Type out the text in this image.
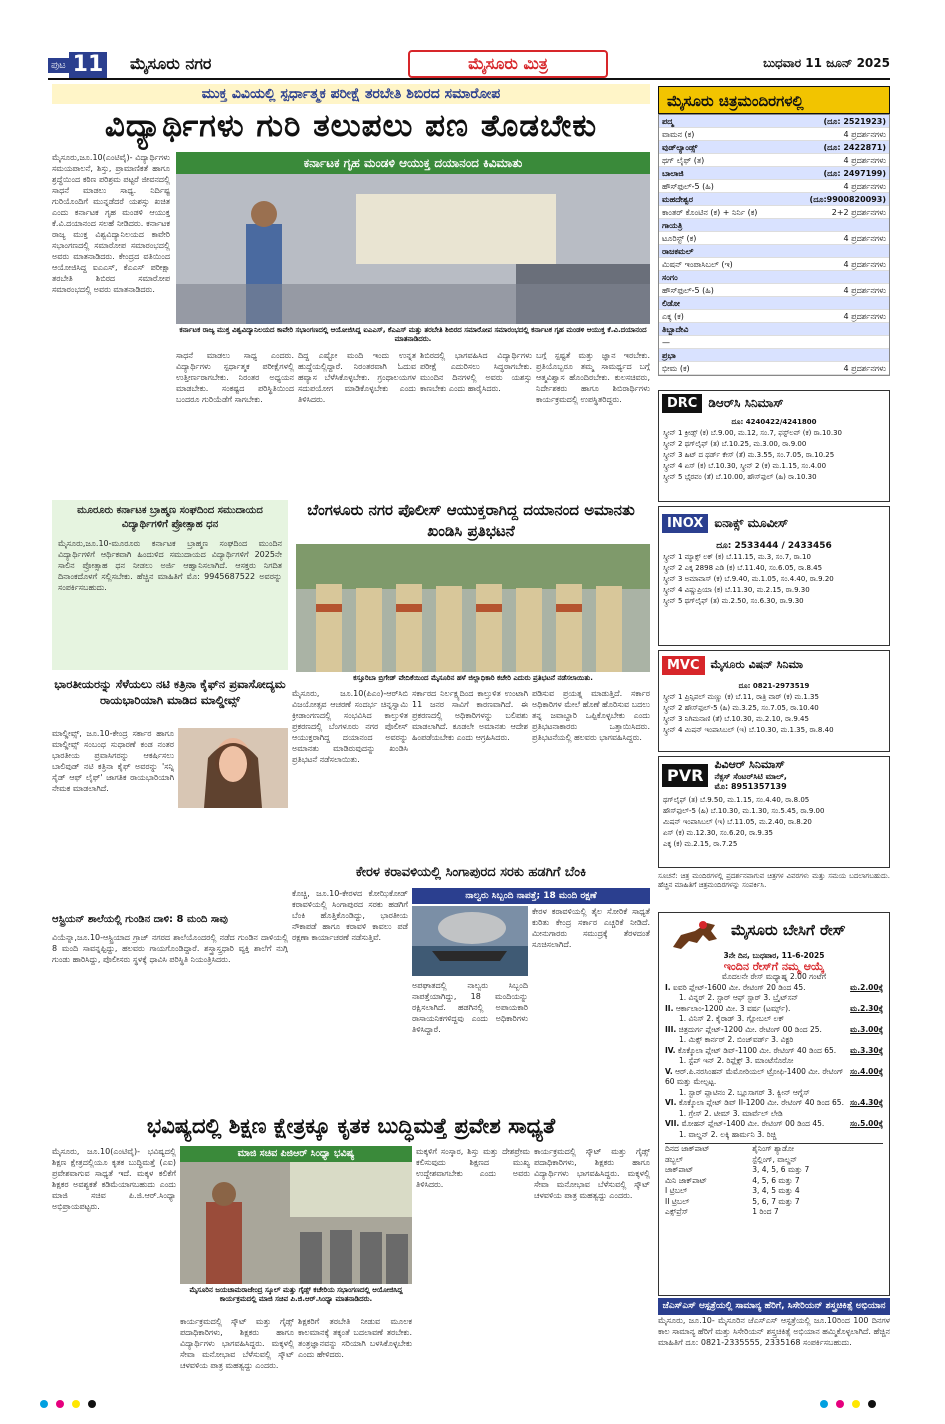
ಪುಟ 11 ಮೈಸೂರು ನಗರ	ಮೈಸೂರು ಮಿತ್ರ	ಬುಧವಾರ 11 ಜೂನ್ 2025
ಮುಕ್ತ ವಿವಿಯಲ್ಲಿ ಸ್ಪರ್ಧಾತ್ಮಕ ಪರೀಕ್ಷೆ ತರಬೇತಿ ಶಿಬಿರದ ಸಮಾರೋಪ
ವಿದ್ಯಾರ್ಥಿಗಳು ಗುರಿ ತಲುಪಲು ಪಣ ತೊಡಬೇಕು
ಮೈಸೂರು,ಜೂ.10(ಎಂಟಿವೈ)- ವಿದ್ಯಾರ್ಥಿಗಳು ಸಮಯಪಾಲನೆ, ಶಿಸ್ತು, ಪ್ರಾಮಾಣಿಕತೆ ಹಾಗೂ ಶ್ರದ್ಧೆಯಿಂದ ಕಠಿಣ ಪರಿಶ್ರಮ ಪಟ್ಟರೆ ಜೀವನದಲ್ಲಿ ಸಾಧನೆ ಮಾಡಲು ಸಾಧ್ಯ. ನಿರ್ದಿಷ್ಟ ಗುರಿಯೊಂದಿಗೆ ಮುನ್ನಡೆದರೆ ಯಶಸ್ಸು ಖಚಿತ ಎಂದು ಕರ್ನಾಟಕ ಗೃಹ ಮಂಡಳಿ ಆಯುಕ್ತ ಕೆ.ವಿ.ದಯಾನಂದ ಸಲಹೆ ನೀಡಿದರು. ಕರ್ನಾಟಕ ರಾಜ್ಯ ಮುಕ್ತ ವಿಶ್ವವಿದ್ಯಾನಿಲಯದ ಕಾವೇರಿ ಸಭಾಂಗಣದಲ್ಲಿ ಸಮಾರೋಪ ಸಮಾರಂಭದಲ್ಲಿ ಅವರು ಮಾತನಾಡಿದರು. ಕೇಂದ್ರದ ವತಿಯಿಂದ ಆಯೋಜಿಸಿದ್ದ ಐಎಎಸ್, ಕೆಎಎಸ್ ಪರೀಕ್ಷಾ ತರಬೇತಿ ಶಿಬಿರದ ಸಮಾರೋಪ ಸಮಾರಂಭದಲ್ಲಿ ಅವರು ಮಾತನಾಡಿದರು.
ಕರ್ನಾಟಕ ಗೃಹ ಮಂಡಳಿ ಆಯುಕ್ತ ದಯಾನಂದ ಕಿವಿಮಾತು
ಕರ್ನಾಟಕ ರಾಜ್ಯ ಮುಕ್ತ ವಿಶ್ವವಿದ್ಯಾನಿಲಯದ ಕಾವೇರಿ ಸಭಾಂಗಣದಲ್ಲಿ ಆಯೋಜಿಸಿದ್ದ ಐಎಎಸ್, ಕೆಎಎಸ್ ಮತ್ತು ತರಬೇತಿ ಶಿಬಿರದ ಸಮಾರೋಪ ಸಮಾರಂಭದಲ್ಲಿ ಕರ್ನಾಟಕ ಗೃಹ ಮಂಡಳಿ ಆಯುಕ್ತ ಕೆ.ವಿ.ದಯಾನಂದ ಮಾತನಾಡಿದರು.
ಸಾಧನೆ ಮಾಡಲು ಸಾಧ್ಯ ಎಂದರು. ವಿದ್ಯಾರ್ಥಿಗಳು ಸ್ಪರ್ಧಾತ್ಮಕ ಪರೀಕ್ಷೆಗಳಲ್ಲಿ ಉತ್ತೀರ್ಣರಾಗಬೇಕು. ನಿರಂತರ ಅಧ್ಯಯನ ಮಾಡಬೇಕು. ಸಂಕಷ್ಟದ ಪರಿಸ್ಥಿತಿಯಿಂದ ಬಂದರೂ ಗುರಿಯೆಡೆಗೆ ಸಾಗಬೇಕು.
ದಿದ್ದ ಎಷ್ಟೋ ಮಂದಿ ಇಂದು ಉನ್ನತ ಹುದ್ದೆಯಲ್ಲಿದ್ದಾರೆ. ನಿರಂತರವಾಗಿ ಓದುವ ಹವ್ಯಾಸ ಬೆಳೆಸಿಕೊಳ್ಳಬೇಕು. ಗ್ರಂಥಾಲಯಗಳ ಸದುಪಯೋಗ ಮಾಡಿಕೊಳ್ಳಬೇಕು ಎಂದು ತಿಳಿಸಿದರು.
ಶಿಬಿರದಲ್ಲಿ ಭಾಗವಹಿಸಿದ ವಿದ್ಯಾರ್ಥಿಗಳು ಪರೀಕ್ಷೆ ಎದುರಿಸಲು ಸಿದ್ಧರಾಗಬೇಕು. ಮುಂದಿನ ದಿನಗಳಲ್ಲಿ ಅವರು ಯಶಸ್ಸು ಕಾಣಬೇಕು ಎಂದು ಹಾರೈಸಿದರು.
ಬಗ್ಗೆ ಸ್ಪಷ್ಟತೆ ಮತ್ತು ಜ್ಞಾನ ಇರಬೇಕು. ಪ್ರತಿಯೊಬ್ಬರೂ ತಮ್ಮ ಸಾಮರ್ಥ್ಯದ ಬಗ್ಗೆ ಆತ್ಮವಿಶ್ವಾಸ ಹೊಂದಿರಬೇಕು. ಕುಲಸಚಿವರು, ನಿರ್ದೇಶಕರು ಹಾಗೂ ಶಿಬಿರಾರ್ಥಿಗಳು ಕಾರ್ಯಕ್ರಮದಲ್ಲಿ ಉಪಸ್ಥಿತರಿದ್ದರು.
ಮೂರೂರು ಕರ್ನಾಟಕ ಬ್ರಾಹ್ಮಣ ಸಂಘದಿಂದ ಸಮುದಾಯದ ವಿದ್ಯಾರ್ಥಿಗಳಿಗೆ ಪ್ರೋತ್ಸಾಹ ಧನ
ಮೈಸೂರು,ಜೂ.10-ಮೂರೂರು ಕರ್ನಾಟಕ ಬ್ರಾಹ್ಮಣ ಸಂಘದಿಂದ ಮುಂದಿನ ವಿದ್ಯಾರ್ಥಿಗಳಿಗೆ ಆರ್ಥಿಕವಾಗಿ ಹಿಂದುಳಿದ ಸಮುದಾಯದ ವಿದ್ಯಾರ್ಥಿಗಳಿಗೆ 2025ನೇ ಸಾಲಿನ ಪ್ರೋತ್ಸಾಹ ಧನ ನೀಡಲು ಅರ್ಜಿ ಆಹ್ವಾನಿಸಲಾಗಿದೆ. ಆಸಕ್ತರು ನಿಗದಿತ ದಿನಾಂಕದೊಳಗೆ ಸಲ್ಲಿಸಬೇಕು. ಹೆಚ್ಚಿನ ಮಾಹಿತಿಗೆ ಮೊ: 9945687522 ಅವರನ್ನು ಸಂಪರ್ಕಿಸಬಹುದು.
ಭಾರತೀಯರನ್ನು ಸೆಳೆಯಲು ನಟಿ ಕತ್ರಿನಾ ಕೈಫ್‌ನ ಪ್ರವಾಸೋದ್ಯಮ ರಾಯಭಾರಿಯಾಗಿ ಮಾಡಿದ ಮಾಲ್ಡೀವ್ಸ್
ಮಾಲ್ಡೀವ್ಸ್, ಜೂ.10-ಕೇಂದ್ರ ಸರ್ಕಾರ ಹಾಗೂ ಮಾಲ್ಡೀವ್ಸ್ ಸಂಬಂಧ ಸುಧಾರಣೆ ಕಂಡ ನಂತರ ಭಾರತೀಯ ಪ್ರವಾಸಿಗರನ್ನು ಆಕರ್ಷಿಸಲು ಬಾಲಿವುಡ್ ನಟಿ ಕತ್ರಿನಾ ಕೈಫ್ ಅವರನ್ನು 'ಸನ್ನಿ ಸೈಡ್ ಆಫ್ ಲೈಫ್' ಜಾಗತಿಕ ರಾಯಭಾರಿಯಾಗಿ ನೇಮಕ ಮಾಡಲಾಗಿದೆ.
ಆಸ್ಟ್ರಿಯನ್ ಶಾಲೆಯಲ್ಲಿ ಗುಂಡಿನ ದಾಳಿ: 8 ಮಂದಿ ಸಾವು
ವಿಯೆನ್ನಾ,ಜೂ.10-ಆಸ್ಟ್ರಿಯಾದ ಗ್ರಾಜ್ ನಗರದ ಶಾಲೆಯೊಂದರಲ್ಲಿ ನಡೆದ ಗುಂಡಿನ ದಾಳಿಯಲ್ಲಿ 8 ಮಂದಿ ಸಾವನ್ನಪ್ಪಿದ್ದು, ಹಲವರು ಗಾಯಗೊಂಡಿದ್ದಾರೆ. ಶಸ್ತ್ರಾಸ್ತ್ರಧಾರಿ ವ್ಯಕ್ತಿ ಶಾಲೆಗೆ ನುಗ್ಗಿ ಗುಂಡು ಹಾರಿಸಿದ್ದು, ಪೊಲೀಸರು ಸ್ಥಳಕ್ಕೆ ಧಾವಿಸಿ ಪರಿಸ್ಥಿತಿ ನಿಯಂತ್ರಿಸಿದರು.
ಬೆಂಗಳೂರು ನಗರ ಪೊಲೀಸ್ ಆಯುಕ್ತರಾಗಿದ್ದ ದಯಾನಂದ ಅಮಾನತು ಖಂಡಿಸಿ ಪ್ರತಿಭಟನೆ
ಕಸ್ತೂರಿಬಾ ಬ್ರಿಗೇಡ್ ವೇದಿಕೆಯಿಂದ ಮೈಸೂರಿನ ಹಳೆ ಜಿಲ್ಲಾಧಿಕಾರಿ ಕಚೇರಿ ಎದುರು ಪ್ರತಿಭಟನೆ ನಡೆಸಲಾಯಿತು.
ಮೈಸೂರು, ಜೂ.10(ಪಿಎಂ)-ಆರ್‌ಸಿಬಿ ವಿಜಯೋತ್ಸವ ಆಚರಣೆ ಸಂದರ್ಭ ಚಿನ್ನಸ್ವಾಮಿ ಕ್ರೀಡಾಂಗಣದಲ್ಲಿ ಸಂಭವಿಸಿದ ಕಾಲ್ತುಳಿತ ಪ್ರಕರಣದಲ್ಲಿ ಬೆಂಗಳೂರು ನಗರ ಪೊಲೀಸ್ ಆಯುಕ್ತರಾಗಿದ್ದ ದಯಾನಂದ ಅವರನ್ನು ಅಮಾನತು ಮಾಡಿರುವುದನ್ನು ಖಂಡಿಸಿ ಪ್ರತಿಭಟನೆ ನಡೆಸಲಾಯಿತು.
ಸರ್ಕಾರದ ನಿರ್ಲಕ್ಷ್ಯದಿಂದ ಕಾಲ್ತುಳಿತ ಉಂಟಾಗಿ 11 ಜನರ ಸಾವಿಗೆ ಕಾರಣವಾಗಿದೆ. ಈ ಪ್ರಕರಣದಲ್ಲಿ ಅಧಿಕಾರಿಗಳನ್ನು ಬಲಿಪಶು ಮಾಡಲಾಗಿದೆ. ಕೂಡಲೇ ಅಮಾನತು ಆದೇಶ ಹಿಂಪಡೆಯಬೇಕು ಎಂದು ಆಗ್ರಹಿಸಿದರು.
ಪಡಿಸುವ ಪ್ರಯತ್ನ ಮಾಡುತ್ತಿದೆ. ಸರ್ಕಾರ ಅಧಿಕಾರಿಗಳ ಮೇಲೆ ಹೊಣೆ ಹೊರಿಸುವ ಬದಲು ತನ್ನ ಜವಾಬ್ದಾರಿ ಒಪ್ಪಿಕೊಳ್ಳಬೇಕು ಎಂದು ಪ್ರತಿಭಟನಾಕಾರರು ಒತ್ತಾಯಿಸಿದರು. ಪ್ರತಿಭಟನೆಯಲ್ಲಿ ಹಲವರು ಭಾಗವಹಿಸಿದ್ದರು.
ಕೇರಳ ಕರಾವಳಿಯಲ್ಲಿ ಸಿಂಗಾಪುರದ ಸರಕು ಹಡಗಿಗೆ ಬೆಂಕಿ
ಕೊಚ್ಚಿ, ಜೂ.10-ಕೇರಳದ ಕೋಝಿಕೋಡ್ ಕರಾವಳಿಯಲ್ಲಿ ಸಿಂಗಾಪುರದ ಸರಕು ಹಡಗಿಗೆ ಬೆಂಕಿ ಹೊತ್ತಿಕೊಂಡಿದ್ದು, ಭಾರತೀಯ ನೌಕಾಪಡೆ ಹಾಗೂ ಕರಾವಳಿ ಕಾವಲು ಪಡೆ ರಕ್ಷಣಾ ಕಾರ್ಯಾಚರಣೆ ನಡೆಸುತ್ತಿವೆ.
ನಾಲ್ವರು ಸಿಬ್ಬಂದಿ ನಾಪತ್ತೆ; 18 ಮಂದಿ ರಕ್ಷಣೆ
ಅಪಘಾತದಲ್ಲಿ ನಾಲ್ವರು ಸಿಬ್ಬಂದಿ ನಾಪತ್ತೆಯಾಗಿದ್ದು, 18 ಮಂದಿಯನ್ನು ರಕ್ಷಿಸಲಾಗಿದೆ. ಹಡಗಿನಲ್ಲಿ ಅಪಾಯಕಾರಿ ರಾಸಾಯನಿಕಗಳಿದ್ದವು ಎಂದು ಅಧಿಕಾರಿಗಳು ತಿಳಿಸಿದ್ದಾರೆ.
ಕೇರಳ ಕರಾವಳಿಯಲ್ಲಿ ತೈಲ ಸೋರಿಕೆ ಸಾಧ್ಯತೆ ಕುರಿತು ಕೇಂದ್ರ ಸರ್ಕಾರ ಎಚ್ಚರಿಕೆ ನೀಡಿದೆ. ಮೀನುಗಾರರು ಸಮುದ್ರಕ್ಕೆ ತೆರಳದಂತೆ ಸೂಚಿಸಲಾಗಿದೆ.
ಭವಿಷ್ಯದಲ್ಲಿ ಶಿಕ್ಷಣ ಕ್ಷೇತ್ರಕ್ಕೂ ಕೃತಕ ಬುದ್ಧಿಮತ್ತೆ ಪ್ರವೇಶ ಸಾಧ್ಯತೆ
ಮೈಸೂರು, ಜೂ.10(ಎಂಟಿವೈ)- ಭವಿಷ್ಯದಲ್ಲಿ ಶಿಕ್ಷಣ ಕ್ಷೇತ್ರದಲ್ಲಿಯೂ ಕೃತಕ ಬುದ್ಧಿಮತ್ತೆ (ಎಐ) ಪ್ರವೇಶವಾಗುವ ಸಾಧ್ಯತೆ ಇದೆ. ಮಕ್ಕಳ ಕಲಿಕೆಗೆ ಶಿಕ್ಷಕರ ಅವಶ್ಯಕತೆ ಕಡಿಮೆಯಾಗಬಹುದು ಎಂದು ಮಾಜಿ ಸಚಿವ ಪಿ.ಜಿ.ಆರ್.ಸಿಂಧ್ಯಾ ಅಭಿಪ್ರಾಯಪಟ್ಟರು.
ಮಾಜಿ ಸಚಿವ ಪಿಜಿಆರ್ ಸಿಂಧ್ಯಾ ಭವಿಷ್ಯ
ಮೈಸೂರಿನ ಜಯಚಾಮರಾಜೇಂದ್ರ ಸ್ಕೂಲ್ ಮತ್ತು ಗೈಡ್ಸ್ ಕಚೇರಿಯ ಸಭಾಂಗಣದಲ್ಲಿ ಆಯೋಜಿಸಿದ್ದ ಕಾರ್ಯಕ್ರಮದಲ್ಲಿ ಮಾಜಿ ಸಚಿವ ಪಿ.ಜಿ.ಆರ್.ಸಿಂಧ್ಯಾ ಮಾತನಾಡಿದರು.
ಕಾರ್ಯಕ್ರಮದಲ್ಲಿ ಸ್ಕೌಟ್ ಮತ್ತು ಗೈಡ್ಸ್ ಪದಾಧಿಕಾರಿಗಳು, ಶಿಕ್ಷಕರು ಹಾಗೂ ವಿದ್ಯಾರ್ಥಿಗಳು ಭಾಗವಹಿಸಿದ್ದರು. ಮಕ್ಕಳಲ್ಲಿ ಸೇವಾ ಮನೋಭಾವ ಬೆಳೆಸುವಲ್ಲಿ ಸ್ಕೌಟ್ ಚಳವಳಿಯ ಪಾತ್ರ ಮಹತ್ವದ್ದು ಎಂದರು.
ಶಿಕ್ಷಕರಿಗೆ ತರಬೇತಿ ನೀಡುವ ಮೂಲಕ ಕಾಲಮಾನಕ್ಕೆ ತಕ್ಕಂತೆ ಬದಲಾವಣೆ ತರಬೇಕು. ತಂತ್ರಜ್ಞಾನವನ್ನು ಸರಿಯಾಗಿ ಬಳಸಿಕೊಳ್ಳಬೇಕು ಎಂದು ಹೇಳಿದರು.
ಮಕ್ಕಳಿಗೆ ಸಂಸ್ಕಾರ, ಶಿಸ್ತು ಮತ್ತು ದೇಶಪ್ರೇಮ ಕಲಿಸುವುದು ಶಿಕ್ಷಣದ ಮುಖ್ಯ ಉದ್ದೇಶವಾಗಬೇಕು ಎಂದು ಅವರು ತಿಳಿಸಿದರು.
ಕಾರ್ಯಕ್ರಮದಲ್ಲಿ ಸ್ಕೌಟ್ ಮತ್ತು ಗೈಡ್ಸ್ ಪದಾಧಿಕಾರಿಗಳು, ಶಿಕ್ಷಕರು ಹಾಗೂ ವಿದ್ಯಾರ್ಥಿಗಳು ಭಾಗವಹಿಸಿದ್ದರು. ಮಕ್ಕಳಲ್ಲಿ ಸೇವಾ ಮನೋಭಾವ ಬೆಳೆಸುವಲ್ಲಿ ಸ್ಕೌಟ್ ಚಳವಳಿಯ ಪಾತ್ರ ಮಹತ್ವದ್ದು ಎಂದರು.
ಮೈಸೂರು ಚಿತ್ರಮಂದಿರಗಳಲ್ಲಿ
ಪದ್ಮ	(ದೂ: 2521923)
ವಾಮನ (ಕ)	4 ಪ್ರದರ್ಶನಗಳು
ವುಡ್‌ಲ್ಯಾಂಡ್ಸ್	(ದೂ: 2422871)
ಥಗ್ ಲೈಫ್ (ತ)	4 ಪ್ರದರ್ಶನಗಳು
ಬಾಲಾಜಿ	(ದೂ: 2497199)
ಹೌಸ್‌ಫುಲ್-5 (ಹಿ)	4 ಪ್ರದರ್ಶನಗಳು
ಮಹದೇಶ್ವರ	(ದೂ:9900820093)
ಕಾಂತರ್ ಕೊಂಟಿನ (ಕ) + ನಿರ್ನಿ (ಕ)	2+2 ಪ್ರದರ್ಶನಗಳು
ಗಾಯತ್ರಿ
ಟೂರಿಸ್ಟ್ (ಕ)	4 ಪ್ರದರ್ಶನಗಳು
ರಾಜಕಮಲ್
ಮಿಷನ್ ಇಂಪಾಸಿಬಲ್ (ಇ)	4 ಪ್ರದರ್ಶನಗಳು
ಸಂಗಂ
ಹೌಸ್‌ಫುಲ್-5 (ಹಿ)	4 ಪ್ರದರ್ಶನಗಳು
ಲಿಡೋ
ಎಕ್ಕ (ಕ)	4 ಪ್ರದರ್ಶನಗಳು
ತಿಬ್ಬಾದೇವಿ
—
ಪ್ರಭಾ
ಭೀಮ (ಕ)	4 ಪ್ರದರ್ಶನಗಳು
DRC ಡಿಆರ್‌ಸಿ ಸಿನಿಮಾಸ್
ದೂ: 4240422/4241800
ಸ್ಕ್ರೀನ್ 1 ಕ್ರೀಡ್ಸ್ (ಕ) ಬೆ.9.00, ಮ.12, ಸಂ.7, ಫಸ್ಟ್‌ಲವ್ (ಕ) ರಾ.10.30
ಸ್ಕ್ರೀನ್ 2 ಥಗ್‌ಲೈಫ್ (ತ) ಬೆ.10.25, ಮ.3.00, ರಾ.9.00
ಸ್ಕ್ರೀನ್ 3 ಹಿಟ್ ದ ಥರ್ಡ್ ಕೇಸ್ (ತೆ) ಮ.3.55, ಸಂ.7.05, ರಾ.10.25
ಸ್ಕ್ರೀನ್ 4 ಏಸ್ (ಕ) ಬೆ.10.30, ಸ್ಕ್ರೀನ್ 2 (ಕ) ಮ.1.15, ಸಂ.4.00
ಸ್ಕ್ರೀನ್ 5 ಭೈರವಂ (ತೆ) ಬೆ.10.00, ಹೌಸ್‌ಫುಲ್ (ಹಿ) ರಾ.10.30
INOX ಐನಾಕ್ಸ್ ಮೂವೀಸ್
ದೂ: 2533444 / 2433456
ಸ್ಕ್ರೀನ್ 1 ಮ್ಯಾಕ್ಸ್ ಲಕ್ (ಕ) ಬೆ.11.15, ಮ.3, ಸಂ.7, ರಾ.10
ಸ್ಕ್ರೀನ್ 2 ಎಕ್ಕ 2898 ಎಡಿ (ಕ) ಬೆ.11.40, ಸಂ.6.05, ರಾ.8.45
ಸ್ಕ್ರೀನ್ 3 ಅಮಾವಾಸ್ (ಕ) ಬೆ.9.40, ಮ.1.05, ಸಂ.4.40, ರಾ.9.20
ಸ್ಕ್ರೀನ್ 4 ವಿಷ್ಣುಪ್ರಿಯಾ (ಕ) ಬೆ.11.30, ಮ.2.15, ರಾ.9.30
ಸ್ಕ್ರೀನ್ 5 ಥಗ್‌ಲೈಫ್ (ತ) ಮ.2.50, ಸಂ.6.30, ರಾ.9.30
MVC	ಮೈಸೂರು ವಿಷನ್ ಸಿನಿಮಾ
ದೂ: 0821-2973519
ಸ್ಕ್ರೀನ್ 1 ಪ್ರಿನ್ಸಿಪಲ್ ಮಣ್ಣು (ಕ) ಬೆ.11, ರಾತ್ರಿ ವಾರ್ (ಕ) ಮ.1.35
ಸ್ಕ್ರೀನ್ 2 ಹೌಸ್‌ಫುಲ್-5 (ಹಿ) ಮ.3.25, ಸಂ.7.05, ರಾ.10.40
ಸ್ಕ್ರೀನ್ 3 ನಿಗಿಮನಾಣಿ (ತೆ) ಬೆ.10.30, ಮ.2.10, ರಾ.9.45
ಸ್ಕ್ರೀನ್ 4 ಮಿಷನ್ ಇಂಪಾಸಿಬಲ್ (ಇ) ಬೆ.10.30, ಮ.1.35, ರಾ.8.40
PVR
ಪಿವಿಆರ್ ಸಿನಿಮಾಸ್
ನೆಕ್ಸಸ್ ಸೆಂಟರ್‌ಸಿಟಿ ಮಾಲ್,
ಮೊ: 8951357139
ಥಗ್‌ಲೈಫ್ (ತ) ಬೆ.9.50, ಮ.1.15, ಸಂ.4.40, ರಾ.8.05
ಹೌಸ್‌ಫುಲ್-5 (ಹಿ) ಬೆ.10.30, ಮ.1.30, ಸಂ.5.45, ರಾ.9.00
ಮಿಷನ್ ಇಂಪಾಸಿಬಲ್ (ಇ) ಬೆ.11.05, ಮ.2.40, ರಾ.8.20
ಏಸ್ (ಕ) ಮ.12.30, ಸಂ.6.20, ರಾ.9.35
ಎಕ್ಕ (ಕ) ಮ.2.15, ರಾ.7.25
ಸೂಚನೆ: ಚಿತ್ರ ಮಂದಿರಗಳಲ್ಲಿ ಪ್ರದರ್ಶನವಾಗುವ ಚಿತ್ರಗಳ ವಿವರಗಳು ಮತ್ತು ಸಮಯ ಬದಲಾಗಬಹುದು. ಹೆಚ್ಚಿನ ಮಾಹಿತಿಗೆ ಚಿತ್ರಮಂದಿರಗಳನ್ನು ಸಂಪರ್ಕಿಸಿ.
ಮೈಸೂರು ಬೇಸಿಗೆ ರೇಸ್
3ನೇ ದಿನ, ಬುಧವಾರ, 11-6-2025
ಇಂದಿನ ರೇಸ್‌ಗೆ ನಮ್ಮ ಆಯ್ಕೆ
ಮೊದಲನೇ ರೇಸ್ ಮಧ್ಯಾಹ್ನ 2.00 ಗಂಟೆಗೆ
I. ಐವರಿ ಪ್ಲೇಟ್-1600 ಮೀ. ರೇಟಿಂಗ್ 20 ಡಿಂದ 45.	ಮ.2.00ಕ್ಕೆ
1. ವಿನ್ನರ್ 2. ಸ್ಟಾರ್ ಆಫ್ ಸ್ಟಾರ್ 3. ಬ್ರೈಟ್‌ಸನ್
II. ಆರ್ಕಾಲಾಂ-1200 ಮೀ. 3 ವರ್ಷ (ಟರ್ಮ್ಸ್).	ಮ.2.30ಕ್ಕೆ
1. ವಿನಿಸ್ 2. ಕೈರಾಡ್ 3. ಗ್ಲೋಬಲ್ ಲಕ್
III. ಚಿತ್ರದುರ್ಗ ಪ್ಲೇಟ್-1200 ಮೀ. ರೇಟಿಂಗ್ 00 ಡಿಂದ 25.	ಮ.3.00ಕ್ಕೆ
1. ಮಿಕ್ಸ್ ಕಾರ್ನರ್ 2. ಬಿಂಜ್‌ವರ್ಡ್ 3. ವಿಕ್ಟರಿ
IV. ಕೊಕ್ಕೊಲಾ ಪ್ಲೇಟ್ ಡಿವ್-1100 ಮೀ. ರೇಟಿಂಗ್ 40 ಡಿಂದ 65. ಮ.3.30ಕ್ಕೆ
1. ಸ್ಟೆಪ್ ಇನ್ 2. ರಿಫ್ಲೆಕ್ಸ್ 3. ಮಾಂಟೆಸೊರೋ
V. ಆರ್.ಪಿ.ನರಸಿಂಹನ್ ಮೆಮೋರಿಯಲ್ ಟ್ರೋಫಿ-1400 ಮೀ. ರೇಟಿಂಗ್ 60 ಮತ್ತು ಮೇಲ್ಪಟ್ಟ.
ಸಂ.4.00ಕ್ಕೆ
1. ಸ್ಟಾರ್ ಪ್ಲಾಟಿನಂ 2. ಬ್ಲೂಸಾಗರ್ 3. ಕ್ವೀನ್ ಆಗ್ನೆಸ್
VI. ಕೊಕ್ಕೊಲಾ ಪ್ಲೇಟ್ ಡಿವ್ II-1200 ಮೀ. ರೇಟಿಂಗ್ 40 ಡಿಂದ 65. ಸಂ.4.30ಕ್ಕೆ
1. ಗ್ರೇಸ್ 2. ಟೀಮ್ 3. ಮಾರ್ವೆಲ್ ಲೇಡಿ
VII. ಮೋಹನ್ ಪ್ಲೇಟ್-1400 ಮೀ. ರೇಟಿಂಗ್ 00 ಡಿಂದ 45.	ಸಂ.5.00ಕ್ಕೆ
1. ವಾಲ್ಡನ್ 2. ಲಕ್ಕಿ ಹಾರ್ಮನಿ 3. ರಿಚ್ಚಿ
ದಿನದ ಜಾಕ್‌ಪಾಟ್	ಶೈನಿಂಗ್ ಶ್ಯಾಡೋ
ಡಬ್ಬಲ್	ಸ್ಟೆಲ್ಲಿಂಗ್, ವಾಲ್ಡನ್
ಜಾಕ್‌ಪಾಟ್	3, 4, 5, 6 ಮತ್ತು 7
ಮಿನಿ ಜಾಕ್‌ಪಾಟ್	4, 5, 6 ಮತ್ತು 7
I ಟ್ರಿಬಲ್	3, 4, 5 ಮತ್ತು 4
II ಟ್ರಿಬಲ್	5, 6, 7 ಮತ್ತು 7
ಎಕ್ಸ್‌ಪ್ರೆಸ್	1 ರಿಂದ 7
ಜೆಎಸ್‌ಎಸ್ ಆಸ್ಪತ್ರೆಯಲ್ಲಿ ಸಾಮಾನ್ಯ ಹೆರಿಗೆ, ಸಿಸೇರಿಯನ್ ಶಸ್ತ್ರಚಿಕಿತ್ಸೆ ಅಭಿಯಾನ
ಮೈಸೂರು, ಜೂ.10- ಮೈಸೂರಿನ ಜೆಎಸ್‌ಎಸ್ ಆಸ್ಪತ್ರೆಯಲ್ಲಿ ಜೂ.10ರಿಂದ 100 ದಿನಗಳ ಕಾಲ ಸಾಮಾನ್ಯ ಹೆರಿಗೆ ಮತ್ತು ಸಿಸೇರಿಯನ್ ಶಸ್ತ್ರಚಿಕಿತ್ಸೆ ಅಭಿಯಾನ ಹಮ್ಮಿಕೊಳ್ಳಲಾಗಿದೆ. ಹೆಚ್ಚಿನ ಮಾಹಿತಿಗೆ ದೂ: 0821-2335555, 2335168 ಸಂಪರ್ಕಿಸಬಹುದು.
